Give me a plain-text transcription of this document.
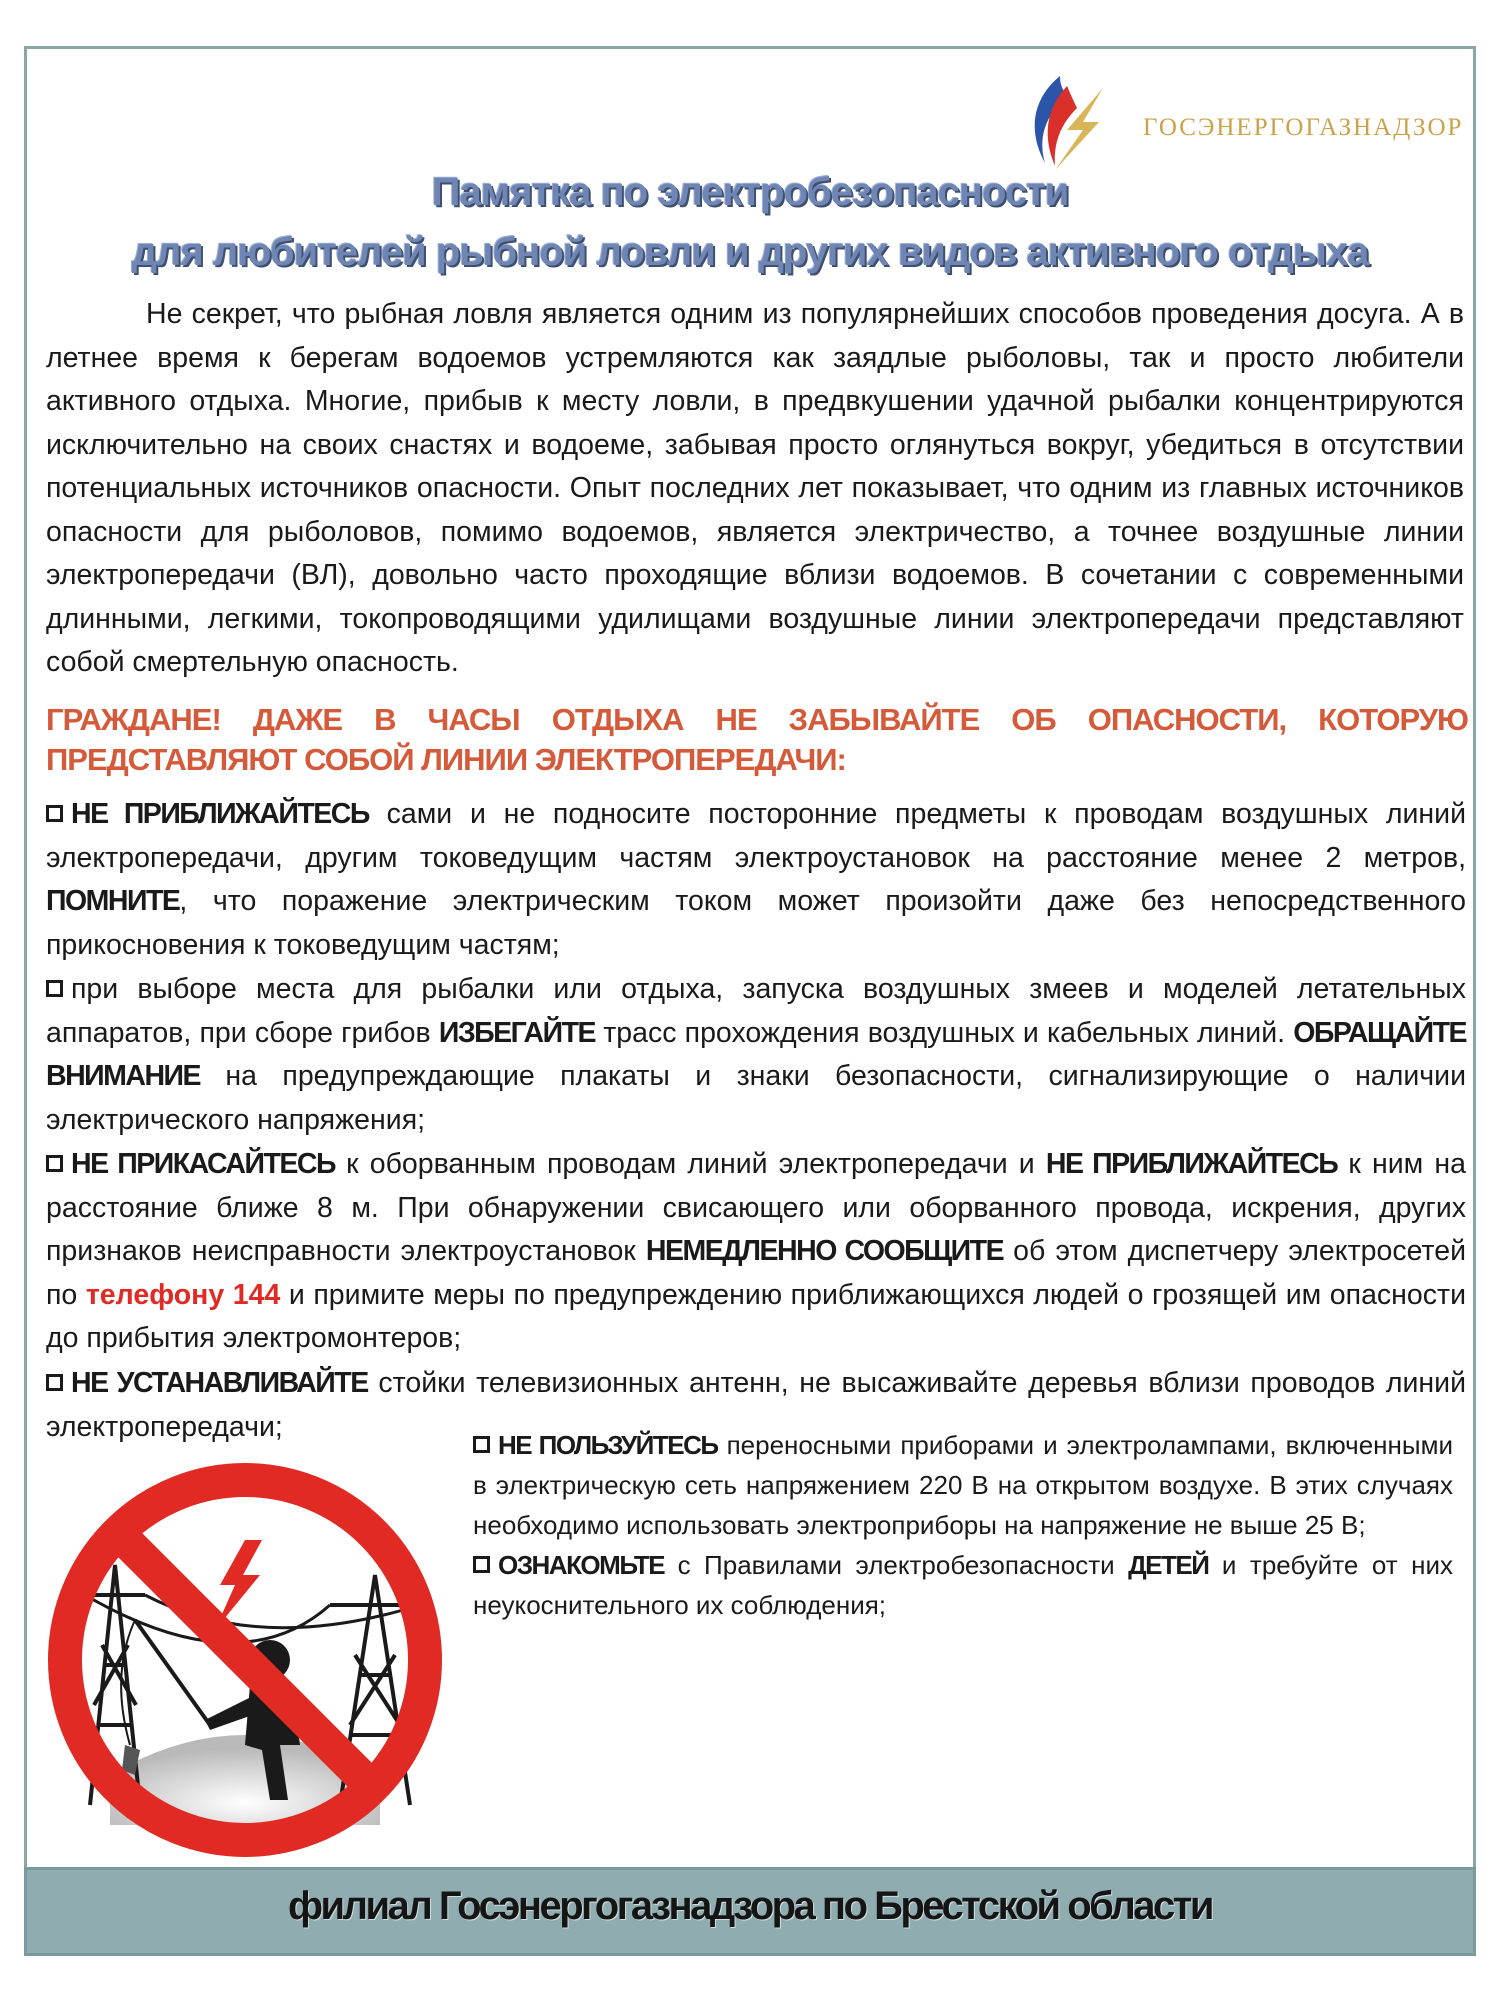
ГОСЭНЕРГОГАЗНАДЗОР
Памятка по электробезопасности
для любителей рыбной ловли и других видов активного отдыха
Не секрет, что рыбная ловля является одним из популярнейших способов проведения досуга. А в летнее время к берегам водоемов устремляются как заядлые рыболовы, так и просто любители активного отдыха. Многие, прибыв к месту ловли, в предвкушении удачной рыбалки концентрируются исключительно на своих снастях и водоеме, забывая просто оглянуться вокруг, убедиться в отсутствии потенциальных источников опасности. Опыт последних лет показывает, что одним из главных источников опасности для рыболовов, помимо водоемов, является электричество, а точнее воздушные линии электропередачи (ВЛ), довольно часто проходящие вблизи водоемов. В сочетании с современными длинными, легкими, токопроводящими удилищами воздушные линии электропередачи представляют собой смертельную опасность.
ГРАЖДАНЕ! ДАЖЕ В ЧАСЫ ОТДЫХА НЕ ЗАБЫВАЙТЕ ОБ ОПАСНОСТИ, КОТОРУЮ ПРЕДСТАВЛЯЮТ СОБОЙ ЛИНИИ ЭЛЕКТРОПЕРЕДАЧИ:
НЕ ПРИБЛИЖАЙТЕСЬ сами и не подносите посторонние предметы к проводам воздушных линий электропередачи, другим токоведущим частям электроустановок на расстояние менее 2 метров, ПОМНИТЕ, что поражение электрическим током может произойти даже без непосредственного прикосновения к токоведущим частям;
при выборе места для рыбалки или отдыха, запуска воздушных змеев и моделей летательных аппаратов, при сборе грибов ИЗБЕГАЙТЕ трасс прохождения воздушных и кабельных линий. ОБРАЩАЙТЕ ВНИМАНИЕ на предупреждающие плакаты и знаки безопасности, сигнализирующие о наличии электрического напряжения;
НЕ ПРИКАСАЙТЕСЬ к оборванным проводам линий электропередачи и НЕ ПРИБЛИЖАЙТЕСЬ к ним на расстояние ближе 8 м. При обнаружении свисающего или оборванного провода, искрения, других признаков неисправности электроустановок НЕМЕДЛЕННО СООБЩИТЕ об этом диспетчеру электросетей по телефону 144 и примите меры по предупреждению приближающихся людей о грозящей им опасности до прибытия электромонтеров;
НЕ УСТАНАВЛИВАЙТЕ стойки телевизионных антенн, не высаживайте деревья вблизи проводов линий электропередачи;
НЕ ПОЛЬЗУЙТЕСЬ переносными приборами и электролампами, включенными в электрическую сеть напряжением 220 В на открытом воздухе. В этих случаях необходимо использовать электроприборы на напряжение не выше 25 В;
ОЗНАКОМЬТЕ с Правилами электробезопасности ДЕТЕЙ и требуйте от них неукоснительного их соблюдения;
филиал Госэнергогазнадзора по Брестской области
